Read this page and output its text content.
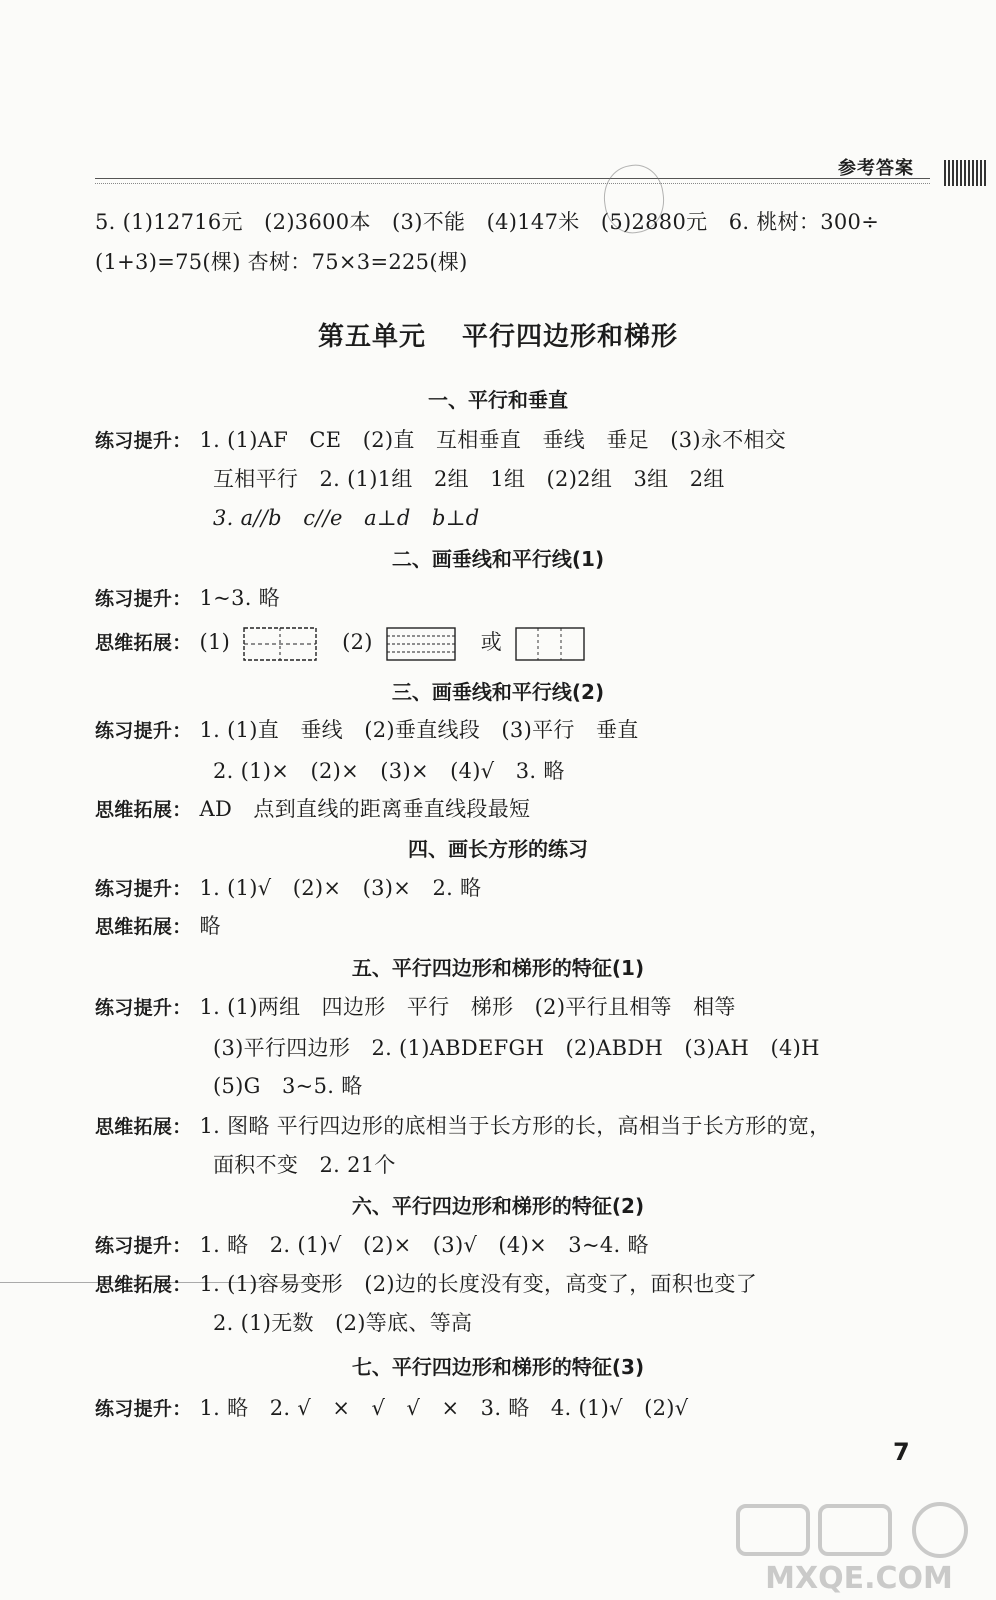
参考答案
5. (1)12716元　(2)3600本　(3)不能　(4)147米　(5)2880元　6. 桃树：300÷
(1+3)=75(棵) 杏树：75×3=225(棵)
第五单元 平行四边形和梯形
一、平行和垂直
练习提升： 1. (1)AF　CE　(2)直　互相垂直　垂线　垂足　(3)永不相交
互相平行　2. (1)1组　2组　1组　(2)2组　3组　2组
3. a//b　c//e　a⊥d　b⊥d
二、画垂线和平行线(1)
练习提升： 1~3. 略
思维拓展： (1)	(2)	或
三、画垂线和平行线(2)
练习提升： 1. (1)直　垂线　(2)垂直线段　(3)平行　垂直
2. (1)×　(2)×　(3)×　(4)√　3. 略
思维拓展： AD　点到直线的距离垂直线段最短
四、画长方形的练习
练习提升： 1. (1)√　(2)×　(3)×　2. 略
思维拓展： 略
五、平行四边形和梯形的特征(1)
练习提升： 1. (1)两组　四边形　平行　梯形　(2)平行且相等　相等
(3)平行四边形　2. (1)ABDEFGH　(2)ABDH　(3)AH　(4)H
(5)G　3~5. 略
思维拓展： 1. 图略 平行四边形的底相当于长方形的长，高相当于长方形的宽，
面积不变　2. 21个
六、平行四边形和梯形的特征(2)
练习提升： 1. 略　2. (1)√　(2)×　(3)√　(4)×　3~4. 略
思维拓展： 1. (1)容易变形　(2)边的长度没有变，高变了，面积也变了
2. (1)无数　(2)等底、等高
七、平行四边形和梯形的特征(3)
练习提升： 1. 略　2. √　×　√　√　×　3. 略　4. (1)√　(2)√
7
MXQE.COM
